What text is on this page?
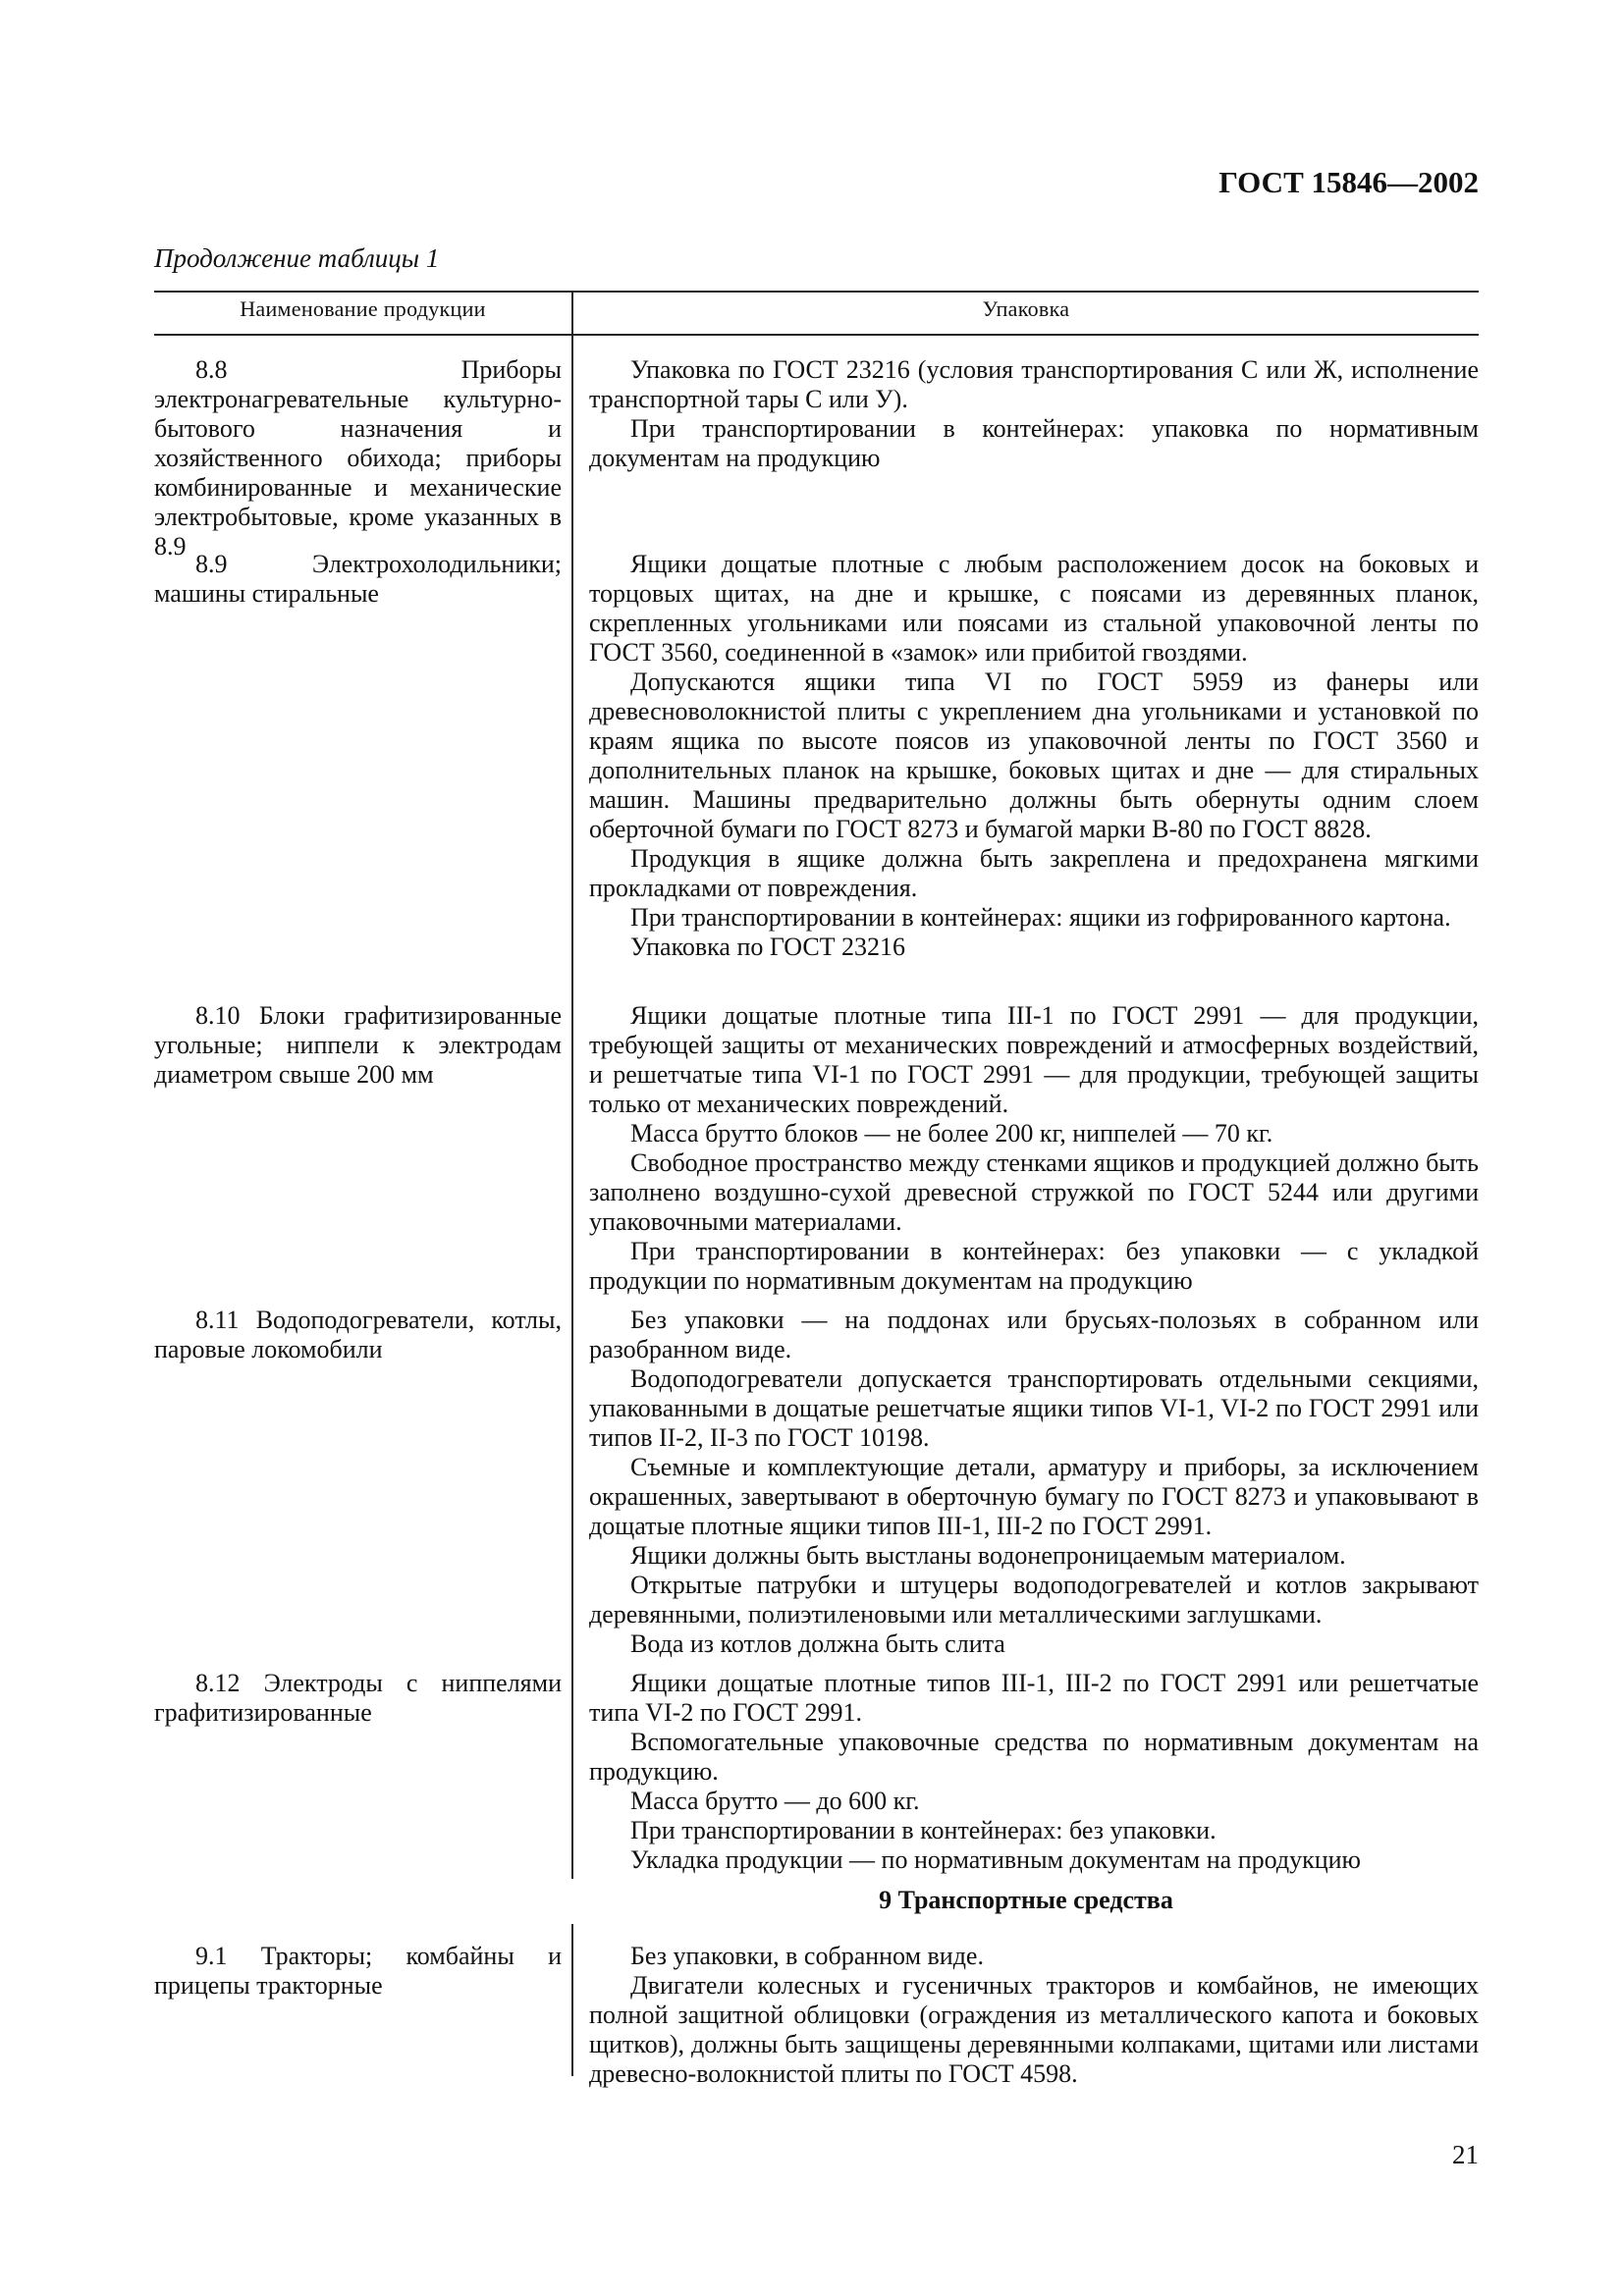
ГОСТ 15846—2002
Продолжение таблицы 1
Наименование продукции	Упаковка

8.8 Приборы электронагревательные культурно-бытового назначения и хозяйственного обихода; приборы комбинированные и механические электробытовые, кроме указанных в 8.9

Упаковка по ГОСТ 23216 (условия транспортирования С или Ж, исполнение транспортной тары С или У).

При транспортировании в контейнерах: упаковка по нормативным документам на продукцию

8.9 Электрохолодильники; машины стиральные

Ящики дощатые плотные с любым расположением досок на боковых и торцовых щитах, на дне и крышке, с поясами из деревянных планок, скрепленных угольниками или поясами из стальной упаковочной ленты по ГОСТ 3560, соединенной в «замок» или прибитой гвоздями.

Допускаются ящики типа VI по ГОСТ 5959 из фанеры или древесноволокнистой плиты с укреплением дна угольниками и установкой по краям ящика по высоте поясов из упаковочной ленты по ГОСТ 3560 и дополнительных планок на крышке, боковых щитах и дне — для стиральных машин. Машины предварительно должны быть обернуты одним слоем оберточной бумаги по ГОСТ 8273 и бумагой марки В-80 по ГОСТ 8828.

Продукция в ящике должна быть закреплена и предохранена мягкими прокладками от повреждения.

При транспортировании в контейнерах: ящики из гофрированного картона.

Упаковка по ГОСТ 23216

8.10 Блоки графитизированные угольные; ниппели к электродам диаметром свыше 200 мм

Ящики дощатые плотные типа III-1 по ГОСТ 2991 — для продукции, требующей защиты от механических повреждений и атмосферных воздействий, и решетчатые типа VI-1 по ГОСТ 2991 — для продукции, требующей защиты только от механических повреждений.

Масса брутто блоков — не более 200 кг, ниппелей — 70 кг.

Свободное пространство между стенками ящиков и продукцией должно быть заполнено воздушно-сухой древесной стружкой по ГОСТ 5244 или другими упаковочными материалами.

При транспортировании в контейнерах: без упаковки — с укладкой продукции по нормативным документам на продукцию

8.11 Водоподогреватели, котлы, паровые локомобили

Без упаковки — на поддонах или брусьях-полозьях в собранном или разобранном виде.

Водоподогреватели допускается транспортировать отдельными секциями, упакованными в дощатые решетчатые ящики типов VI-1, VI-2 по ГОСТ 2991 или типов II-2, II-3 по ГОСТ 10198.

Съемные и комплектующие детали, арматуру и приборы, за исключением окрашенных, завертывают в оберточную бумагу по ГОСТ 8273 и упаковывают в дощатые плотные ящики типов III-1, III-2 по ГОСТ 2991.

Ящики должны быть выстланы водонепроницаемым материалом.

Открытые патрубки и штуцеры водоподогревателей и котлов закрывают деревянными, полиэтиленовыми или металлическими заглушками.

Вода из котлов должна быть слита

8.12 Электроды с ниппелями графитизированные

Ящики дощатые плотные типов III-1, III-2 по ГОСТ 2991 или решетчатые типа VI-2 по ГОСТ 2991.

Вспомогательные упаковочные средства по нормативным документам на продукцию.

Масса брутто — до 600 кг.

При транспортировании в контейнерах: без упаковки.

Укладка продукции — по нормативным документам на продукцию

9 Транспортные средства

9.1 Тракторы; комбайны и прицепы тракторные

Без упаковки, в собранном виде.

Двигатели колесных и гусеничных тракторов и комбайнов, не имеющих полной защитной облицовки (ограждения из металлического капота и боковых щитков), должны быть защищены деревянными колпаками, щитами или листами древесно-волокнистой плиты по ГОСТ 4598.

21
